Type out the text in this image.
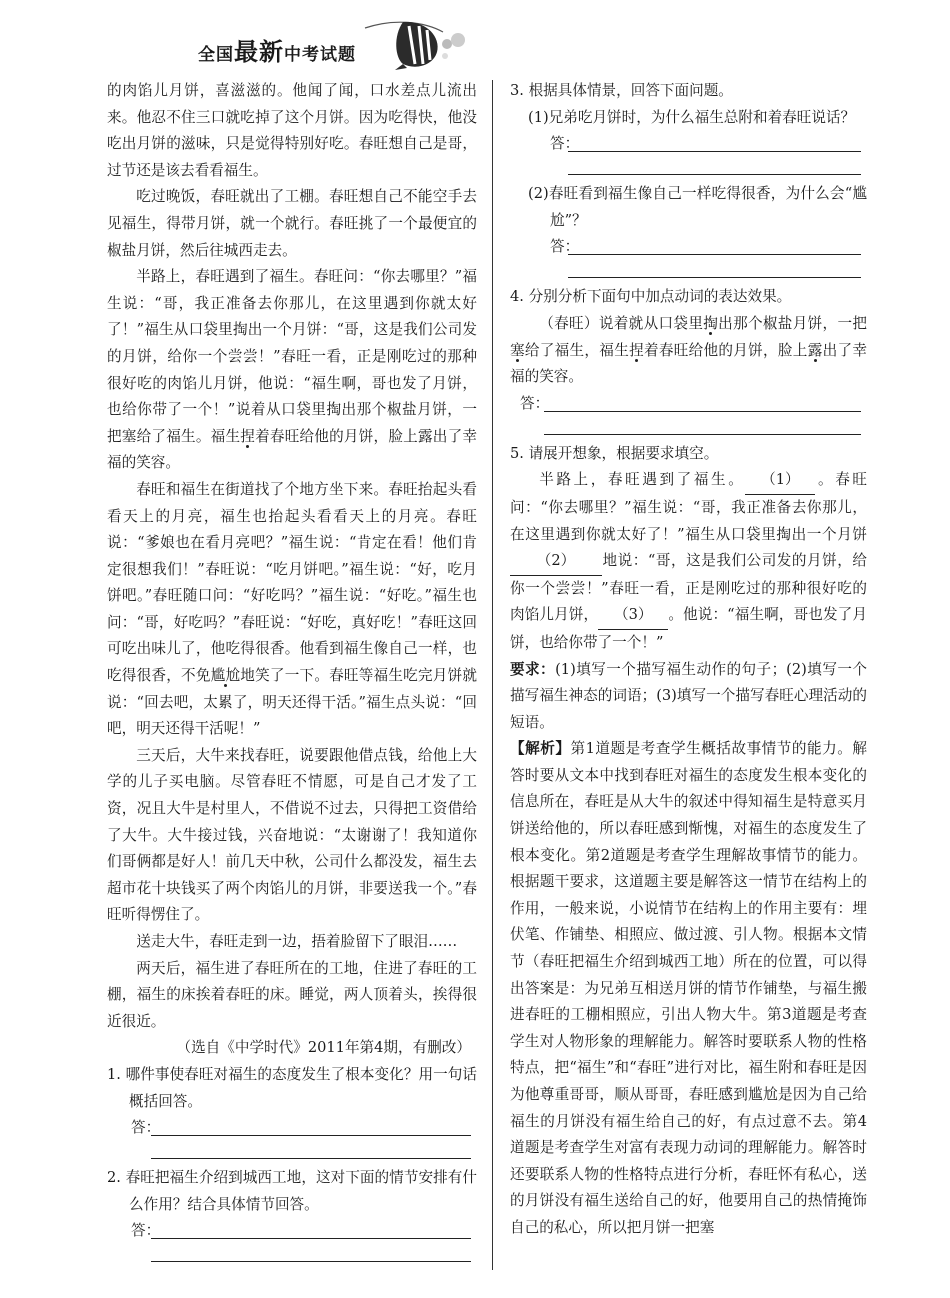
全国最新中考试题

的肉馅儿月饼，喜滋滋的。他闻了闻，口水差点儿流出来。他忍不住三口就吃掉了这个月饼。因为吃得快，他没吃出月饼的滋味，只是觉得特别好吃。春旺想自己是哥，过节还是该去看看福生。

吃过晚饭，春旺就出了工棚。春旺想自己不能空手去见福生，得带月饼，就一个就行。春旺挑了一个最便宜的椒盐月饼，然后往城西走去。

半路上，春旺遇到了福生。春旺问：“你去哪里？”福生说：“哥，我正准备去你那儿，在这里遇到你就太好了！”福生从口袋里掏出一个月饼：“哥，这是我们公司发的月饼，给你一个尝尝！”春旺一看，正是刚吃过的那种很好吃的肉馅儿月饼，他说：“福生啊，哥也发了月饼，也给你带了一个！”说着从口袋里掏出那个椒盐月饼，一把塞给了福生。福生捏着春旺给他的月饼，脸上露出了幸福的笑容。

春旺和福生在街道找了个地方坐下来。春旺抬起头看看天上的月亮，福生也抬起头看看天上的月亮。春旺说：“爹娘也在看月亮吧？”福生说：“肯定在看！他们肯定很想我们！”春旺说：“吃月饼吧。”福生说：“好，吃月饼吧。”春旺随口问：“好吃吗？”福生说：“好吃。”福生也问：“哥，好吃吗？”春旺说：“好吃，真好吃！”春旺这回可吃出味儿了，他吃得很香。他看到福生像自己一样，也吃得很香，不免尴尬地笑了一下。春旺等福生吃完月饼就说：“回去吧，太累了，明天还得干活。”福生点头说：“回吧，明天还得干活呢！”

三天后，大牛来找春旺，说要跟他借点钱，给他上大学的儿子买电脑。尽管春旺不情愿，可是自己才发了工资，况且大牛是村里人，不借说不过去，只得把工资借给了大牛。大牛接过钱，兴奋地说：“太谢谢了！我知道你们哥俩都是好人！前几天中秋，公司什么都没发，福生去超市花十块钱买了两个肉馅儿的月饼，非要送我一个。”春旺听得愣住了。

送走大牛，春旺走到一边，捂着脸留下了眼泪……

两天后，福生进了春旺所在的工地，住进了春旺的工棚，福生的床挨着春旺的床。睡觉，两人顶着头，挨得很近很近。

（选自《中学时代》2011年第4期，有删改）

1. 哪件事使春旺对福生的态度发生了根本变化？用一句话概括回答。

答：

2. 春旺把福生介绍到城西工地，这对下面的情节安排有什么作用？结合具体情节回答。

答：

3. 根据具体情景，回答下面问题。

(1)兄弟吃月饼时，为什么福生总附和着春旺说话？

答：

(2)春旺看到福生像自己一样吃得很香，为什么会“尴尬”？

答：

4. 分别分析下面句中加点动词的表达效果。

（春旺）说着就从口袋里掏出那个椒盐月饼，一把塞给了福生，福生捏着春旺给他的月饼，脸上露出了幸福的笑容。

答：

5. 请展开想象，根据要求填空。

半路上，春旺遇到了福生。 （1） 。春旺问：“你去哪里？”福生说：“哥，我正准备去你那儿，在这里遇到你就太好了！”福生从口袋里掏出一个月饼（2） 地说：“哥，这是我们公司发的月饼，给你一个尝尝！”春旺一看，正是刚吃过的那种很好吃的肉馅儿月饼， （3） 。他说：“福生啊，哥也发了月饼，也给你带了一个！”

要求：(1)填写一个描写福生动作的句子；(2)填写一个描写福生神态的词语；(3)填写一个描写春旺心理活动的短语。

【解析】第1道题是考查学生概括故事情节的能力。解答时要从文本中找到春旺对福生的态度发生根本变化的信息所在，春旺是从大牛的叙述中得知福生是特意买月饼送给他的，所以春旺感到惭愧，对福生的态度发生了根本变化。第2道题是考查学生理解故事情节的能力。根据题干要求，这道题主要是解答这一情节在结构上的作用，一般来说，小说情节在结构上的作用主要有：埋伏笔、作铺垫、相照应、做过渡、引人物。根据本文情节（春旺把福生介绍到城西工地）所在的位置，可以得出答案是：为兄弟互相送月饼的情节作铺垫，与福生搬进春旺的工棚相照应，引出人物大牛。第3道题是考查学生对人物形象的理解能力。解答时要联系人物的性格特点，把“福生”和“春旺”进行对比，福生附和春旺是因为他尊重哥哥，顺从哥哥，春旺感到尴尬是因为自己给福生的月饼没有福生给自己的好，有点过意不去。第4道题是考查学生对富有表现力动词的理解能力。解答时还要联系人物的性格特点进行分析，春旺怀有私心，送的月饼没有福生送给自己的好，他要用自己的热情掩饰自己的私心，所以把月饼一把塞
